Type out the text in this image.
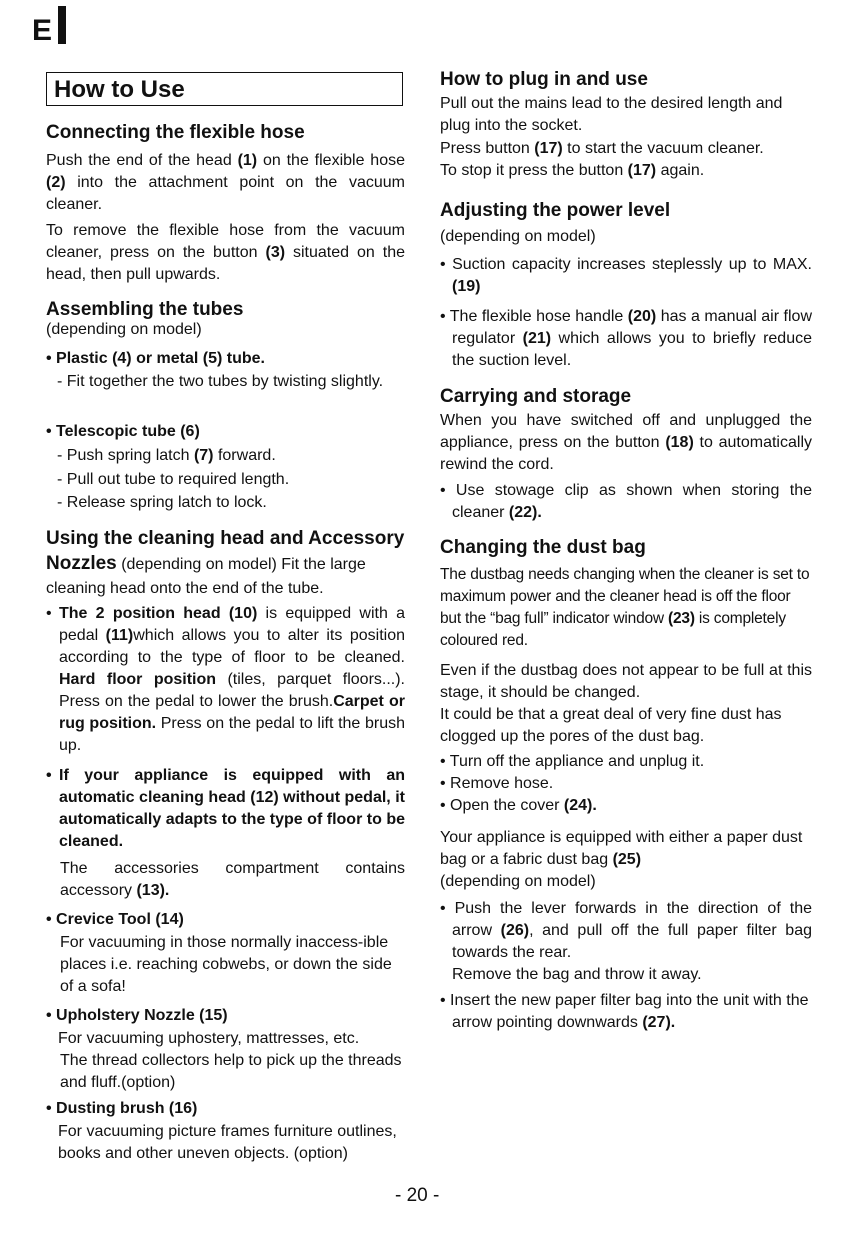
E
How to Use
Connecting the flexible hose
Push the end of the head (1) on the flexible hose (2) into the attachment point on the vacuum cleaner.
To remove the flexible hose from the vacuum cleaner, press on the button (3) situated on the head, then pull upwards.
Assembling the tubes
(depending on model)
• Plastic (4) or metal (5) tube.
- Fit together the two tubes by twisting slightly.
• Telescopic tube (6)
- Push spring latch (7) forward.
- Pull out tube to required length.
- Release spring latch to lock.
Using the cleaning head and Accessory
Nozzles (depending on model) Fit the large cleaning head onto the end of the tube.
• The 2 position head (10) is equipped with a pedal (11)which allows you to alter its position according to the type of floor to be cleaned. Hard floor position (tiles, parquet floors...). Press on the pedal to lower the brush.Carpet or rug position. Press on the pedal to lift the brush up.
• If your appliance is equipped with an automatic cleaning head (12) without pedal, it automatically adapts to the type of floor to be cleaned.
The accessories compartment contains accessory (13).
• Crevice Tool (14)
For vacuuming in those normally inaccess-ible places i.e. reaching cobwebs, or down the side of a sofa!
• Upholstery Nozzle (15)
For vacuuming uphostery, mattresses, etc.
The thread collectors help to pick up the threads and fluff.(option)
• Dusting brush (16)
For vacuuming picture frames furniture outlines, books and other uneven objects. (option)
How to plug in and use
Pull out the mains lead to the desired length and plug into the socket.
Press button (17) to start the vacuum cleaner.
To stop it press the button (17) again.
Adjusting the power level
(depending on model)
• Suction capacity increases steplessly up to MAX.(19)
• The flexible hose handle (20) has a manual air flow regulator (21) which allows you to briefly reduce the suction level.
Carrying and storage
When you have switched off and unplugged the appliance, press on the button (18) to automatically rewind the cord.
• Use stowage clip as shown when storing the cleaner (22).
Changing the dust bag
The dustbag needs changing when the cleaner is set to maximum power and the cleaner head is off the floor but the “bag full” indicator window (23) is completely coloured red.
Even if the dustbag does not appear to be full at this stage, it should be changed.
It could be that a great deal of very fine dust has clogged up the pores of the dust bag.
• Turn off the appliance and unplug it.
• Remove hose.
• Open the cover (24).
Your appliance is equipped with either a paper dust bag or a fabric dust bag (25)
(depending on model)
• Push the lever forwards in the direction of the arrow (26), and pull off the full paper filter bag towards the rear.
Remove the bag and throw it away.
• Insert the new paper filter bag into the unit with the arrow pointing downwards (27).
- 20 -
